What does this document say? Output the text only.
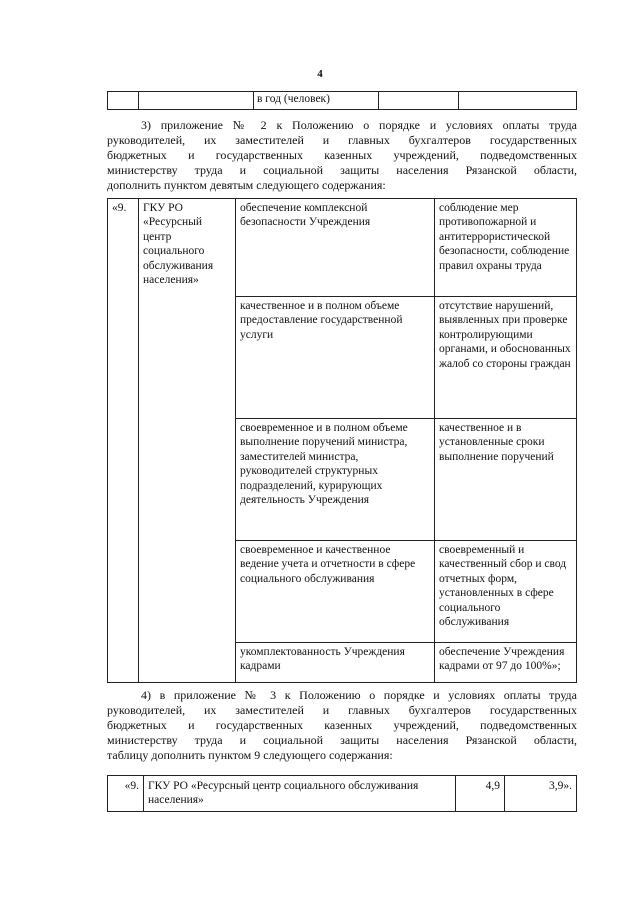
4
		в год (человек)		
3) приложение № 2 к Положению о порядке и условиях оплаты труда
руководителей, их заместителей и главных бухгалтеров государственных
бюджетных и государственных казенных учреждений, подведомственных
министерству труда и социальной защиты населения Рязанской области,
дополнить пунктом девятым следующего содержания:
«9.	ГКУ РО «Ресурсный центр социального обслуживания населения»	обеспечение комплексной безопасности Учреждения	соблюдение мер противопожарной и антитеррористической безопасности, соблюдение правил охраны труда
		качественное и в полном объеме предоставление государственной услуги	отсутствие нарушений, выявленных при проверке контролирующими органами, и обоснованных жалоб со стороны граждан
		своевременное и в полном объеме выполнение поручений министра, заместителей министра, руководителей структурных подразделений, курирующих деятельность Учреждения	качественное и в установленные сроки выполнение поручений
		своевременное и качественное ведение учета и отчетности в сфере социального обслуживания	своевременный и качественный сбор и свод отчетных форм, установленных в сфере социального обслуживания
		укомплектованность Учреждения кадрами	обеспечение Учреждения кадрами от 97 до 100%»;
4) в приложение № 3 к Положению о порядке и условиях оплаты труда
руководителей, их заместителей и главных бухгалтеров государственных
бюджетных и государственных казенных учреждений, подведомственных
министерству труда и социальной защиты населения Рязанской области,
таблицу дополнить пунктом 9 следующего содержания:
«9.	ГКУ РО «Ресурсный центр социального обслуживания населения»	4,9	3,9».
